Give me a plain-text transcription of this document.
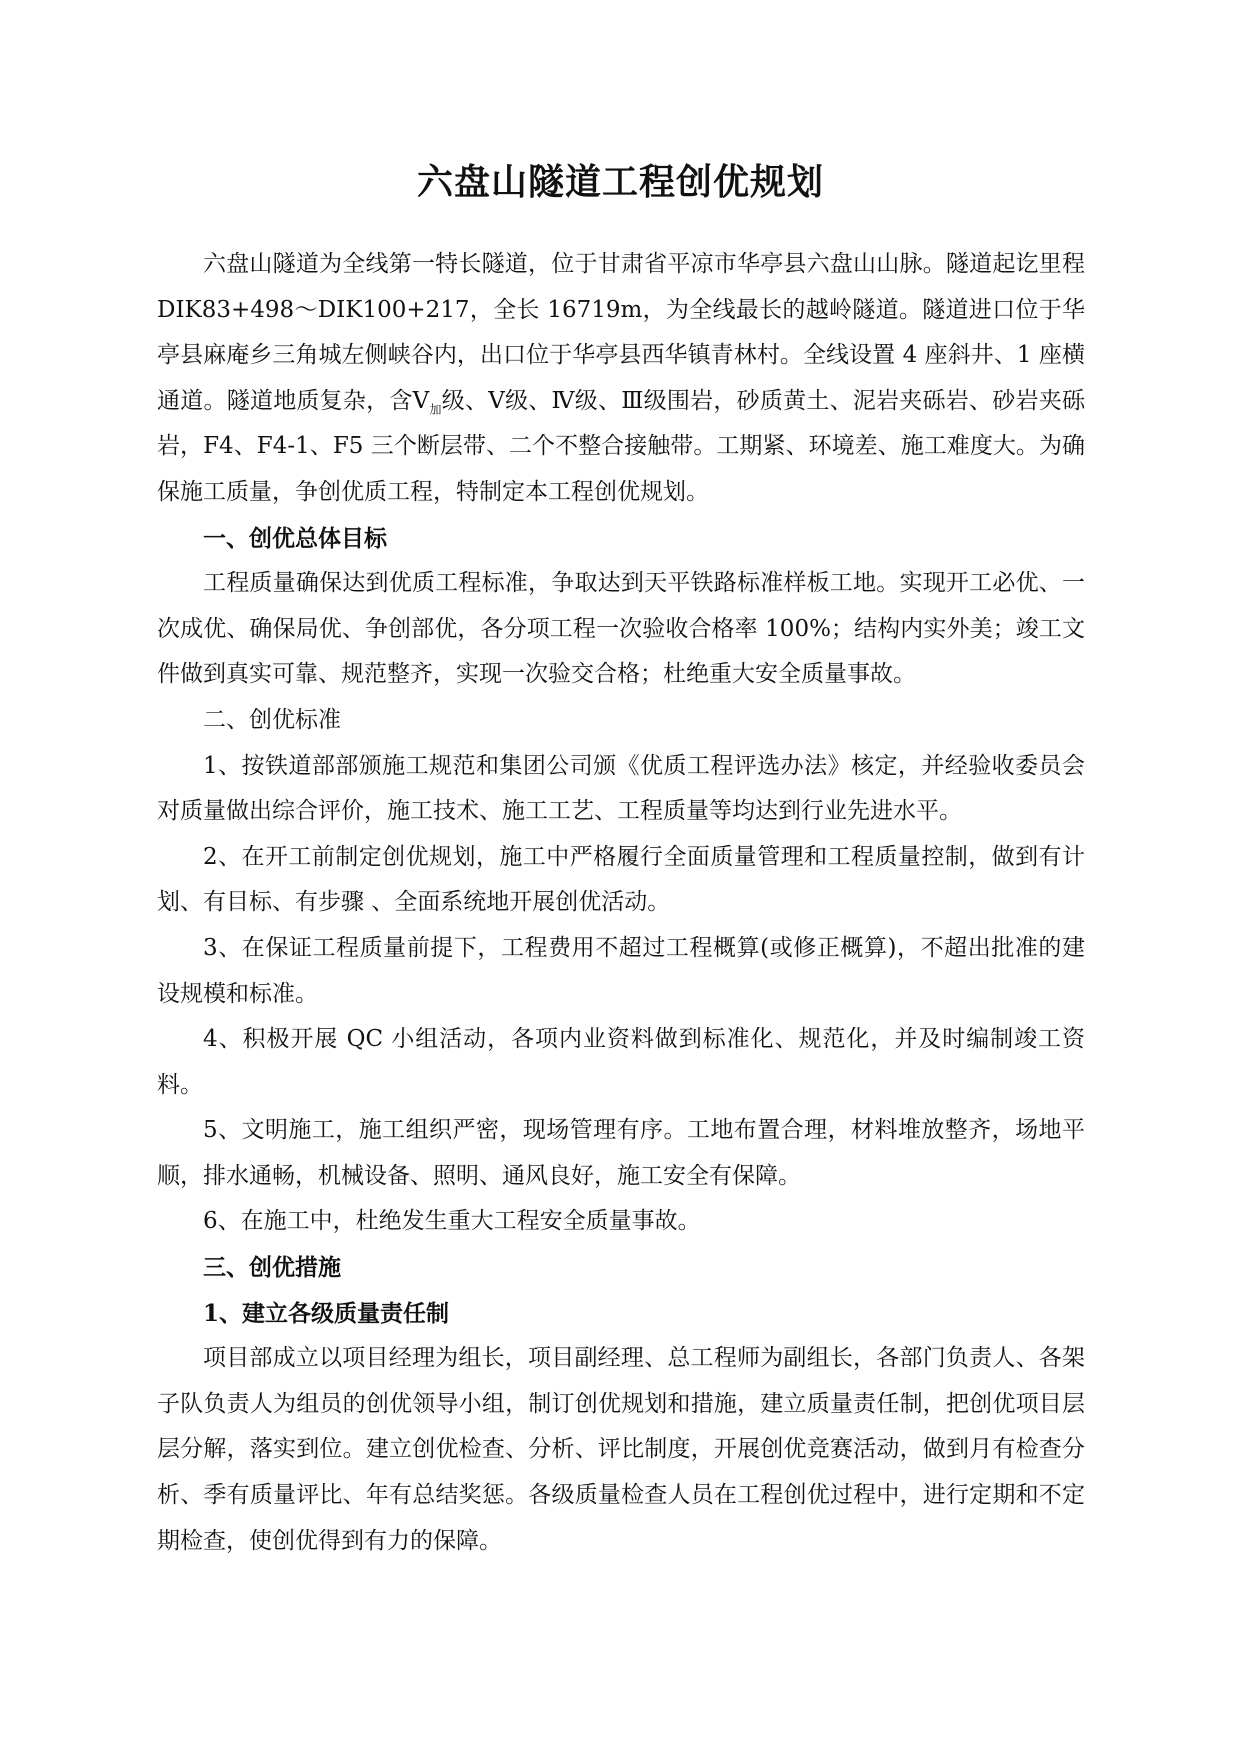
六盘山隧道工程创优规划

六盘山隧道为全线第一特长隧道，位于甘肃省平凉市华亭县六盘山山脉。隧道起讫里程 DIK83+498～DIK100+217，全长 16719m，为全线最长的越岭隧道。隧道进口位于华亭县麻庵乡三角城左侧峡谷内，出口位于华亭县西华镇青林村。全线设置 4 座斜井、1 座横通道。隧道地质复杂，含$Ⅴ_加$级、Ⅴ级、Ⅳ级、Ⅲ级围岩，砂质黄土、泥岩夹砾岩、砂岩夹砾岩，F4、F4-1、F5 三个断层带、二个不整合接触带。工期紧、环境差、施工难度大。为确保施工质量，争创优质工程，特制定本工程创优规划。

一、创优总体目标

工程质量确保达到优质工程标准，争取达到天平铁路标准样板工地。实现开工必优、一次成优、确保局优、争创部优，各分项工程一次验收合格率 100%；结构内实外美；竣工文件做到真实可靠、规范整齐，实现一次验交合格；杜绝重大安全质量事故。

二、创优标准

1、按铁道部部颁施工规范和集团公司颁《优质工程评选办法》核定，并经验收委员会对质量做出综合评价，施工技术、施工工艺、工程质量等均达到行业先进水平。

2、在开工前制定创优规划，施工中严格履行全面质量管理和工程质量控制，做到有计划、有目标、有步骤 、全面系统地开展创优活动。

3、在保证工程质量前提下，工程费用不超过工程概算(或修正概算)，不超出批准的建设规模和标准。

4、积极开展 QC 小组活动，各项内业资料做到标准化、规范化，并及时编制竣工资料。

5、文明施工，施工组织严密，现场管理有序。工地布置合理，材料堆放整齐，场地平顺，排水通畅，机械设备、照明、通风良好，施工安全有保障。

6、在施工中，杜绝发生重大工程安全质量事故。

三、创优措施

1、建立各级质量责任制

项目部成立以项目经理为组长，项目副经理、总工程师为副组长，各部门负责人、各架子队负责人为组员的创优领导小组，制订创优规划和措施，建立质量责任制，把创优项目层层分解，落实到位。建立创优检查、分析、评比制度，开展创优竞赛活动，做到月有检查分析、季有质量评比、年有总结奖惩。各级质量检查人员在工程创优过程中，进行定期和不定期检查，使创优得到有力的保障。
